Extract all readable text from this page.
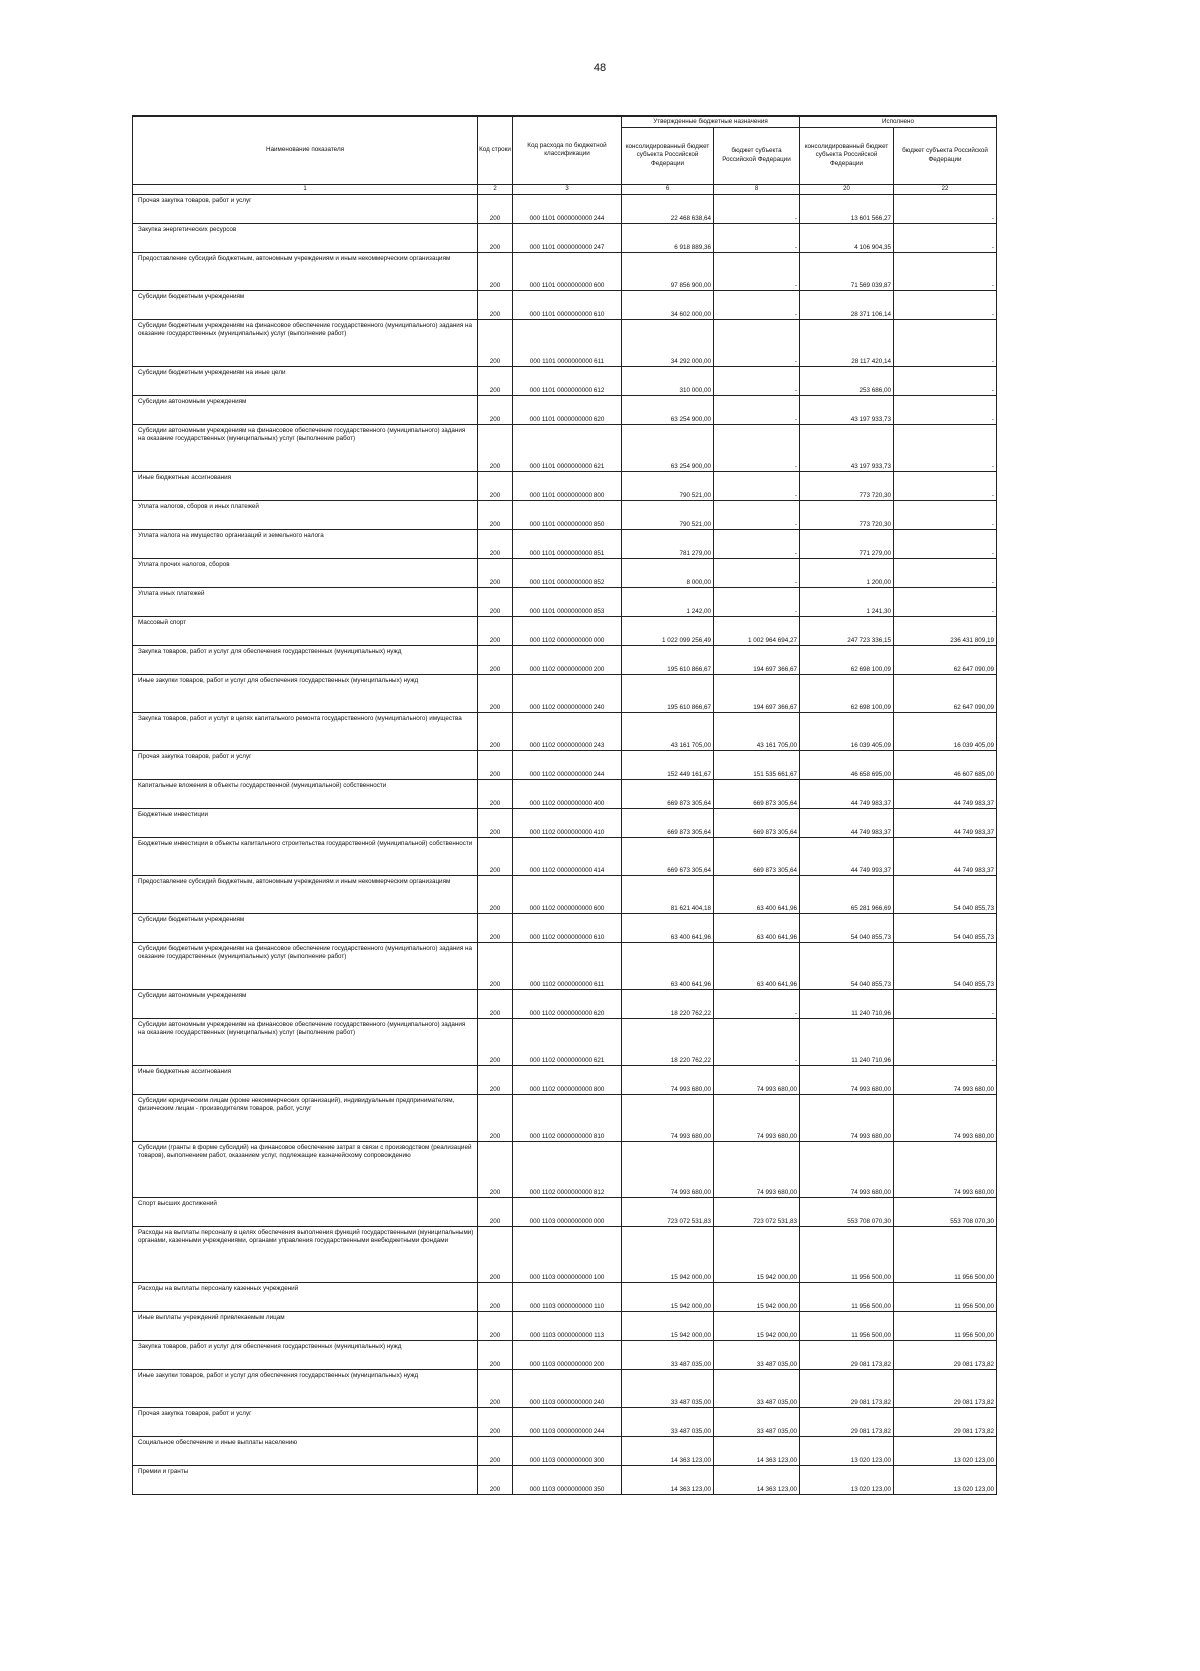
48
Наименование показателя	Код строки	Код расхода по бюджетной классификации	Утвержденные бюджетные назначения		Исполнено	
			консолидированный бюджет субъекта Российской Федерации	бюджет субъекта Российской Федерации	консолидированный бюджет субъекта Российской Федерации	бюджет субъекта Российской Федерации
1	2	3	6	8	20	22
Прочая закупка товаров, работ и услуг	200	000 1101 0000000000 244	22 468 638,64	-	13 601 566,27	-
Закупка энергетических ресурсов	200	000 1101 0000000000 247	6 918 889,36	-	4 106 904,35	-
Предоставление субсидий бюджетным, автономным учреждениям и иным некоммерческим организациям	200	000 1101 0000000000 600	97 856 900,00	-	71 569 039,87	-
Субсидии бюджетным учреждениям	200	000 1101 0000000000 610	34 602 000,00	-	28 371 106,14	-
Субсидии бюджетным учреждениям на финансовое обеспечение государственного (муниципального) задания на оказание государственных (муниципальных) услуг (выполнение работ)	200	000 1101 0000000000 611	34 292 000,00	-	28 117 420,14	-
Субсидии бюджетным учреждениям на иные цели	200	000 1101 0000000000 612	310 000,00	-	253 686,00	-
Субсидии автономным учреждениям	200	000 1101 0000000000 620	63 254 900,00	-	43 197 933,73	-
Субсидии автономным учреждениям на финансовое обеспечение государственного (муниципального) задания на оказание государственных (муниципальных) услуг (выполнение работ)	200	000 1101 0000000000 621	63 254 900,00	-	43 197 933,73	-
Иные бюджетные ассигнования	200	000 1101 0000000000 800	790 521,00	-	773 720,30	-
Уплата налогов, сборов и иных платежей	200	000 1101 0000000000 850	790 521,00	-	773 720,30	-
Уплата налога на имущество организаций и земельного налога	200	000 1101 0000000000 851	781 279,00	-	771 279,00	-
Уплата прочих налогов, сборов	200	000 1101 0000000000 852	8 000,00	-	1 200,00	-
Уплата иных платежей	200	000 1101 0000000000 853	1 242,00	-	1 241,30	-
Массовый спорт	200	000 1102 0000000000 000	1 022 099 256,49	1 002 964 694,27	247 723 336,15	236 431 809,19
Закупка товаров, работ и услуг для обеспечения государственных (муниципальных) нужд	200	000 1102 0000000000 200	195 610 866,67	194 697 366,67	62 698 100,09	62 647 090,09
Иные закупки товаров, работ и услуг для обеспечения государственных (муниципальных) нужд	200	000 1102 0000000000 240	195 610 866,67	194 697 366,67	62 698 100,09	62 647 090,09
Закупка товаров, работ и услуг в целях капитального ремонта государственного (муниципального) имущества	200	000 1102 0000000000 243	43 161 705,00	43 161 705,00	16 039 405,09	16 039 405,09
Прочая закупка товаров, работ и услуг	200	000 1102 0000000000 244	152 449 161,67	151 535 661,67	46 658 695,00	46 607 685,00
Капитальные вложения в объекты государственной (муниципальной) собственности	200	000 1102 0000000000 400	669 873 305,64	669 873 305,64	44 749 983,37	44 749 983,37
Бюджетные инвестиции	200	000 1102 0000000000 410	669 873 305,64	669 873 305,64	44 749 983,37	44 749 983,37
Бюджетные инвестиции в объекты капитального строительства государственной (муниципальной) собственности	200	000 1102 0000000000 414	669 673 305,64	669 873 305,64	44 749 993,37	44 749 983,37
Предоставление субсидий бюджетным, автономным учреждениям и иным некоммерческим организациям	200	000 1102 0000000000 600	81 621 404,18	63 400 641,96	65 281 966,69	54 040 855,73
Субсидии бюджетным учреждениям	200	000 1102 0000000000 610	63 400 641,96	63 400 641,96	54 040 855,73	54 040 855,73
Субсидии бюджетным учреждениям на финансовое обеспечение государственного (муниципального) задания на оказание государственных (муниципальных) услуг (выполнение работ)	200	000 1102 0000000000 611	63 400 641,96	63 400 641,96	54 040 855,73	54 040 855,73
Субсидии автономным учреждениям	200	000 1102 0000000000 620	18 220 762,22	-	11 240 710,96	-
Субсидии автономным учреждениям на финансовое обеспечение государственного (муниципального) задания на оказание государственных (муниципальных) услуг (выполнение работ)	200	000 1102 0000000000 621	18 220 762,22	-	11 240 710,96	-
Иные бюджетные ассигнования	200	000 1102 0000000000 800	74 993 680,00	74 993 680,00	74 993 680,00	74 993 680,00
Субсидии юридическим лицам (кроме некоммерческих организаций), индивидуальным предпринимателям, физическим лицам - производителям товаров, работ, услуг	200	000 1102 0000000000 810	74 993 680,00	74 993 680,00	74 993 680,00	74 993 680,00
Субсидии (гранты в форме субсидий) на финансовое обеспечение затрат в связи с производством (реализацией товаров), выполнением работ, оказанием услуг, подлежащие казначейскому сопровождению	200	000 1102 0000000000 812	74 993 680,00	74 993 680,00	74 993 680,00	74 993 680,00
Спорт высших достижений	200	000 1103 0000000000 000	723 072 531,83	723 072 531,83	553 708 070,30	553 708 070,30
Расходы на выплаты персоналу в целях обеспечения выполнения функций государственными (муниципальными) органами, казенными учреждениями, органами управления государственными внебюджетными фондами	200	000 1103 0000000000 100	15 942 000,00	15 942 000,00	11 956 500,00	11 956 500,00
Расходы на выплаты персоналу казенных учреждений	200	000 1103 0000000000 110	15 942 000,00	15 942 000,00	11 956 500,00	11 956 500,00
Иные выплаты учреждений привлекаемым лицам	200	000 1103 0000000000 113	15 942 000,00	15 942 000,00	11 956 500,00	11 956 500,00
Закупка товаров, работ и услуг для обеспечения государственных (муниципальных) нужд	200	000 1103 0000000000 200	33 487 035,00	33 487 035,00	29 081 173,82	29 081 173,82
Иные закупки товаров, работ и услуг для обеспечения государственных (муниципальных) нужд	200	000 1103 0000000000 240	33 487 035,00	33 487 035,00	29 081 173,82	29 081 173,82
Прочая закупка товаров, работ и услуг	200	000 1103 0000000000 244	33 487 035,00	33 487 035,00	29 081 173,82	29 081 173,82
Социальное обеспечение и иные выплаты населению	200	000 1103 0000000000 300	14 363 123,00	14 363 123,00	13 020 123,00	13 020 123,00
Премии и гранты	200	000 1103 0000000000 350	14 363 123,00	14 363 123,00	13 020 123,00	13 020 123,00
